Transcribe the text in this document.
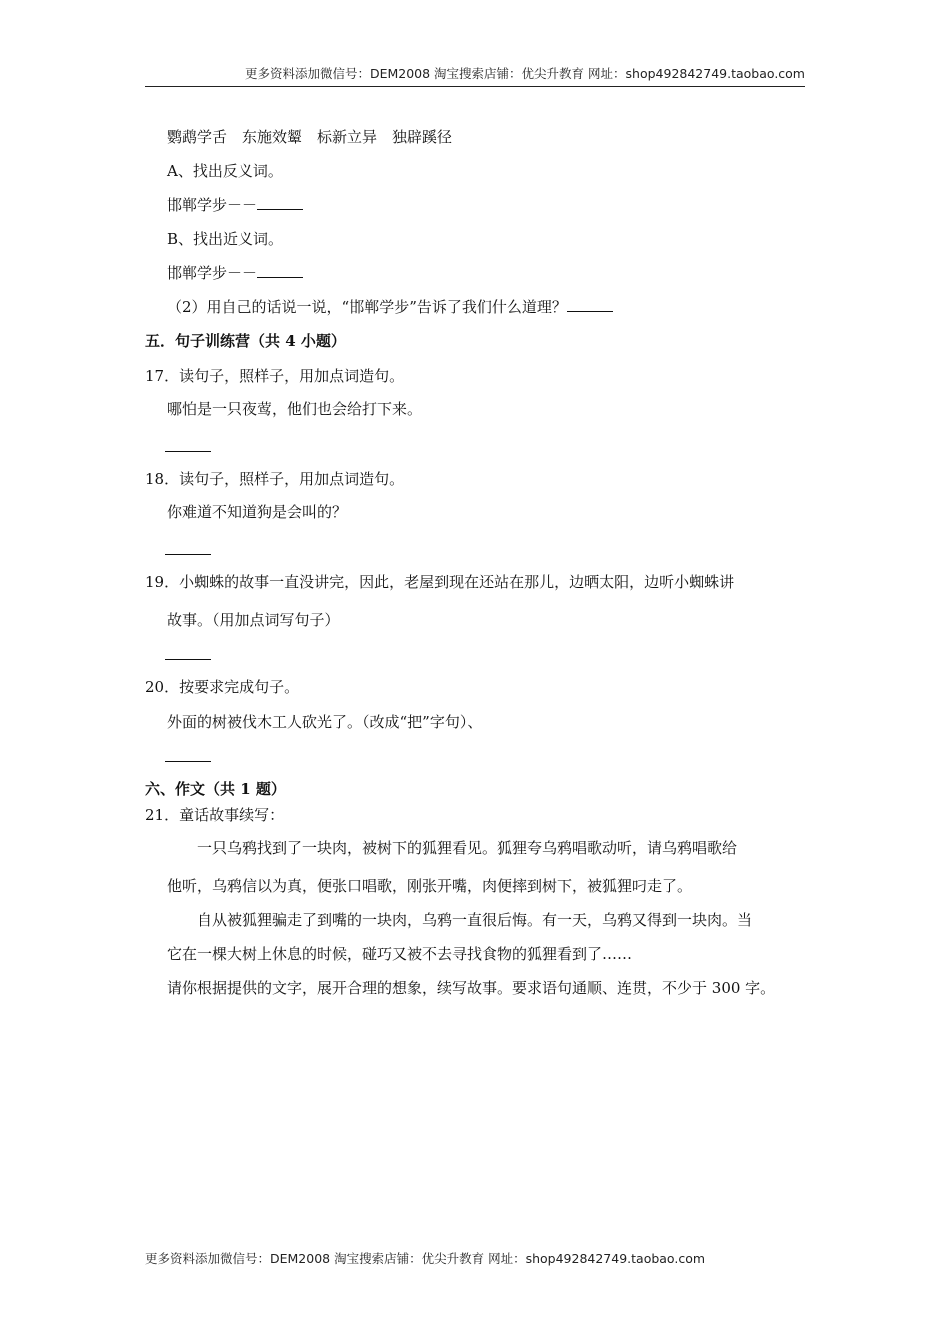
更多资料添加微信号：DEM2008 淘宝搜索店铺：优尖升教育 网址：shop492842749.taobao.com
鹦鹉学舌　东施效颦　标新立异　独辟蹊径
A、找出反义词。
邯郸学步－－
B、找出近义词。
邯郸学步－－
（2）用自己的话说一说，“邯郸学步”告诉了我们什么道理？
五．句子训练营（共 4 小题）
17．读句子，照样子，用加点词造句。
哪怕是一只夜莺，他们也会给打下来。
18．读句子，照样子，用加点词造句。
你难道不知道狗是会叫的？
19．小蜘蛛的故事一直没讲完，因此，老屋到现在还站在那儿，边晒太阳，边听小蜘蛛讲
故事。（用加点词写句子）
20．按要求完成句子。
外面的树被伐木工人砍光了。（改成“把”字句）、
六、作文（共 1 题）
21．童话故事续写：
一只乌鸦找到了一块肉，被树下的狐狸看见。狐狸夸乌鸦唱歌动听，请乌鸦唱歌给
他听，乌鸦信以为真，便张口唱歌，刚张开嘴，肉便摔到树下，被狐狸叼走了。
自从被狐狸骗走了到嘴的一块肉，乌鸦一直很后悔。有一天，乌鸦又得到一块肉。当
它在一棵大树上休息的时候，碰巧又被不去寻找食物的狐狸看到了……
请你根据提供的文字，展开合理的想象，续写故事。要求语句通顺、连贯，不少于 300 字。
更多资料添加微信号：DEM2008 淘宝搜索店铺：优尖升教育 网址：shop492842749.taobao.com
